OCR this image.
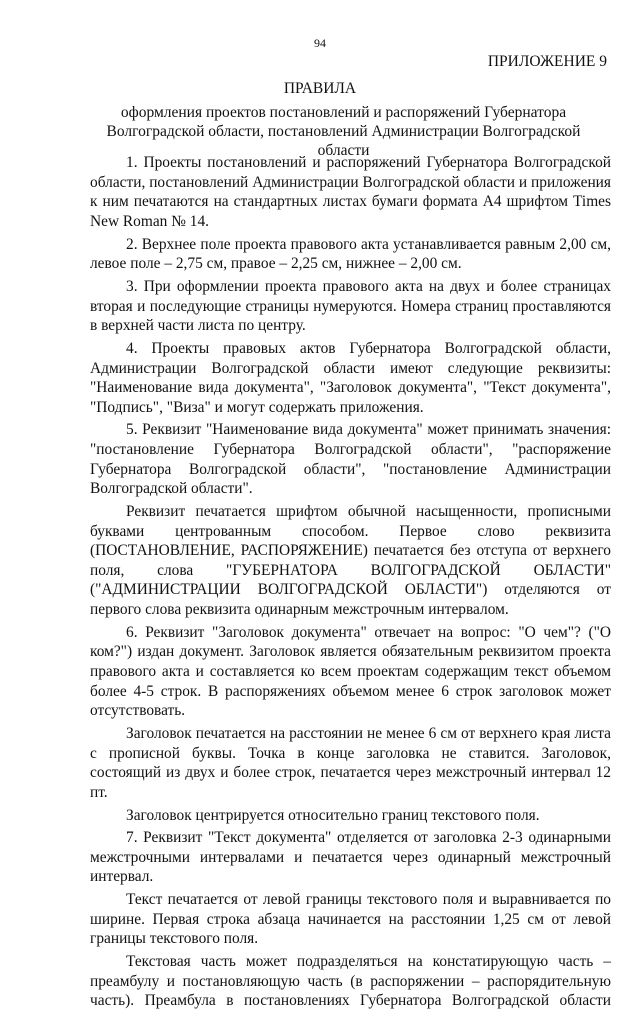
94
ПРИЛОЖЕНИЕ 9
ПРАВИЛА
оформления проектов постановлений и распоряжений Губернатора Волгоградской области, постановлений Администрации Волгоградской области

1. Проекты постановлений и распоряжений Губернатора Волгоградской области, постановлений Администрации Волгоградской области и приложения к ним печатаются на стандартных листах бумаги формата А4 шрифтом Times New Roman № 14.

2. Верхнее поле проекта правового акта устанавливается равным 2,00 см, левое поле – 2,75 см, правое – 2,25 см, нижнее – 2,00 см.

3. При оформлении проекта правового акта на двух и более страницах вторая и последующие страницы нумеруются. Номера страниц проставляются в верхней части листа по центру.

4. Проекты правовых актов Губернатора Волгоградской области, Администрации Волгоградской области имеют следующие реквизиты: "Наименование вида документа", "Заголовок документа", "Текст документа", "Подпись", "Виза" и могут содержать приложения.

5. Реквизит "Наименование вида документа" может принимать значения: "постановление Губернатора Волгоградской области", "распоряжение Губернатора Волгоградской области", "постановление Администрации Волгоградской области".

Реквизит печатается шрифтом обычной насыщенности, прописными буквами центрованным способом. Первое слово реквизита (ПОСТАНОВЛЕНИЕ, РАСПОРЯЖЕНИЕ) печатается без отступа от верхнего поля, слова "ГУБЕРНАТОРА ВОЛГОГРАДСКОЙ ОБЛАСТИ" ("АДМИНИСТРАЦИИ ВОЛГОГРАДСКОЙ ОБЛАСТИ") отделяются от первого слова реквизита одинарным межстрочным интервалом.

6. Реквизит "Заголовок документа" отвечает на вопрос: "О чем"? ("О ком?") издан документ. Заголовок является обязательным реквизитом проекта правового акта и составляется ко всем проектам содержащим текст объемом более 4-5 строк. В распоряжениях объемом менее 6 строк заголовок может отсутствовать.

Заголовок печатается на расстоянии не менее 6 см от верхнего края листа с прописной буквы. Точка в конце заголовка не ставится. Заголовок, состоящий из двух и более строк, печатается через межстрочный интервал 12 пт.

Заголовок центрируется относительно границ текстового поля.

7. Реквизит "Текст документа" отделяется от заголовка 2-3 одинарными межстрочными интервалами и печатается через одинарный межстрочный интервал.

Текст печатается от левой границы текстового поля и выравнивается по ширине. Первая строка абзаца начинается на расстоянии 1,25 см от левой границы текстового поля.

Текстовая часть может подразделяться на констатирующую часть – преамбулу и постановляющую часть (в распоряжении – распорядительную часть). Преамбула в постановлениях Губернатора Волгоградской области
